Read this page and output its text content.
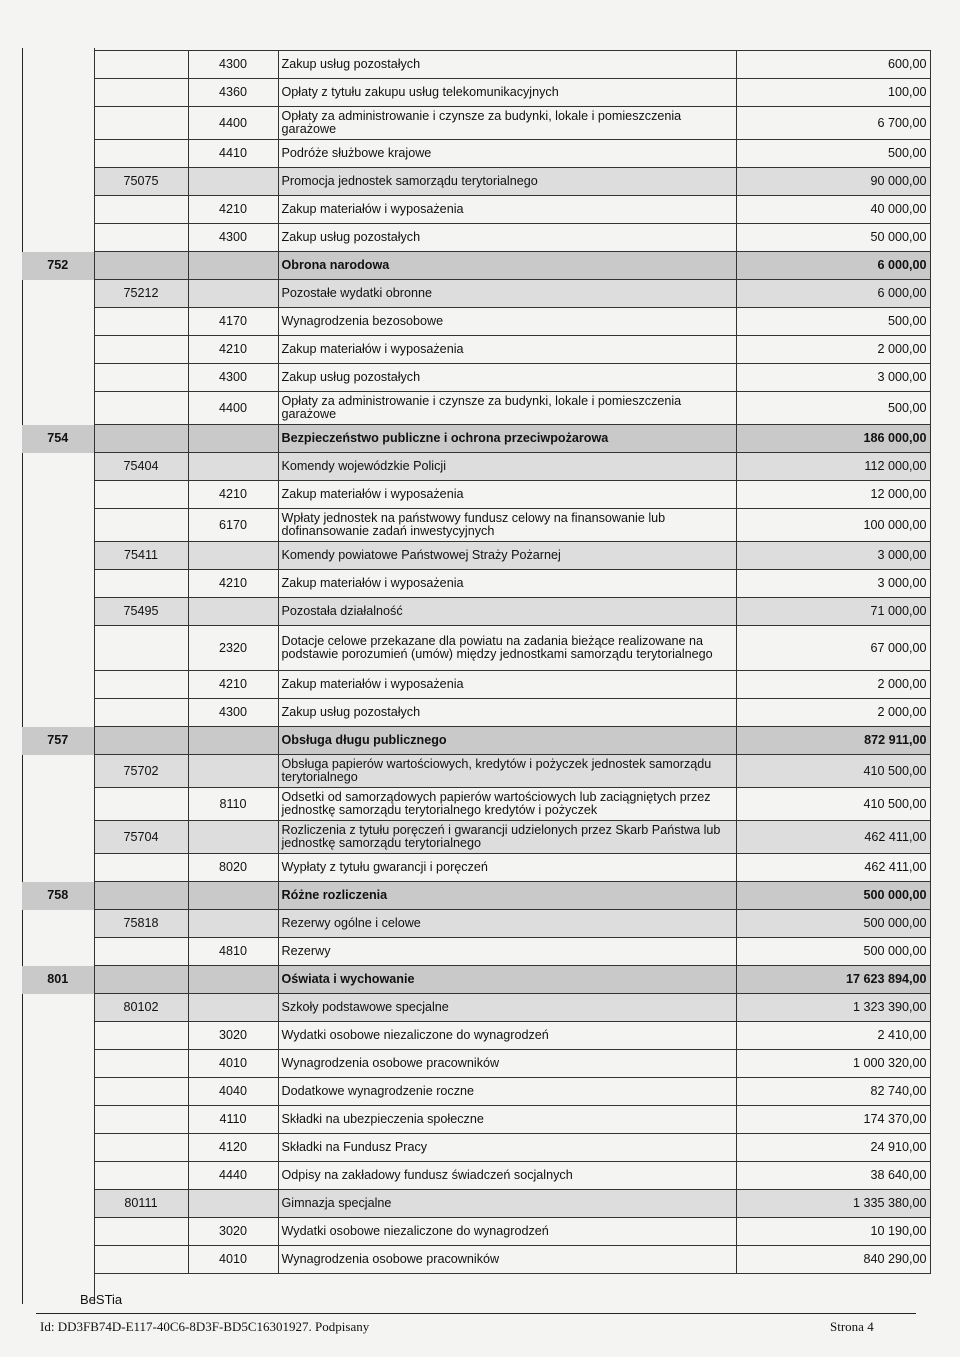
		4300	Zakup usług pozostałych	600,00
		4360	Opłaty z tytułu zakupu usług telekomunikacyjnych	100,00
		4400	Opłaty za administrowanie i czynsze za budynki, lokale i pomieszczenia garażowe	6 700,00
		4410	Podróże służbowe krajowe	500,00
	75075		Promocja jednostek samorządu terytorialnego	90 000,00
		4210	Zakup materiałów i wyposażenia	40 000,00
		4300	Zakup usług pozostałych	50 000,00
752			Obrona narodowa	6 000,00
	75212		Pozostałe wydatki obronne	6 000,00
		4170	Wynagrodzenia bezosobowe	500,00
		4210	Zakup materiałów i wyposażenia	2 000,00
		4300	Zakup usług pozostałych	3 000,00
		4400	Opłaty za administrowanie i czynsze za budynki, lokale i pomieszczenia garażowe	500,00
754			Bezpieczeństwo publiczne i ochrona przeciwpożarowa	186 000,00
	75404		Komendy wojewódzkie Policji	112 000,00
		4210	Zakup materiałów i wyposażenia	12 000,00
		6170	Wpłaty jednostek na państwowy fundusz celowy na finansowanie lub dofinansowanie zadań inwestycyjnych	100 000,00
	75411		Komendy powiatowe Państwowej Straży Pożarnej	3 000,00
		4210	Zakup materiałów i wyposażenia	3 000,00
	75495		Pozostała działalność	71 000,00
		2320	Dotacje celowe przekazane dla powiatu na zadania bieżące realizowane na podstawie porozumień (umów) między jednostkami samorządu terytorialnego	67 000,00
		4210	Zakup materiałów i wyposażenia	2 000,00
		4300	Zakup usług pozostałych	2 000,00
757			Obsługa długu publicznego	872 911,00
	75702		Obsługa papierów wartościowych, kredytów i pożyczek jednostek samorządu terytorialnego	410 500,00
		8110	Odsetki od samorządowych papierów wartościowych lub zaciągniętych przez jednostkę samorządu terytorialnego kredytów i pożyczek	410 500,00
	75704		Rozliczenia z tytułu poręczeń i gwarancji udzielonych przez Skarb Państwa lub jednostkę samorządu terytorialnego	462 411,00
		8020	Wypłaty z tytułu gwarancji i poręczeń	462 411,00
758			Różne rozliczenia	500 000,00
	75818		Rezerwy ogólne i celowe	500 000,00
		4810	Rezerwy	500 000,00
801			Oświata i wychowanie	17 623 894,00
	80102		Szkoły podstawowe specjalne	1 323 390,00
		3020	Wydatki osobowe niezaliczone do wynagrodzeń	2 410,00
		4010	Wynagrodzenia osobowe pracowników	1 000 320,00
		4040	Dodatkowe wynagrodzenie roczne	82 740,00
		4110	Składki na ubezpieczenia społeczne	174 370,00
		4120	Składki na Fundusz Pracy	24 910,00
		4440	Odpisy na zakładowy fundusz świadczeń socjalnych	38 640,00
	80111		Gimnazja specjalne	1 335 380,00
		3020	Wydatki osobowe niezaliczone do wynagrodzeń	10 190,00
		4010	Wynagrodzenia osobowe pracowników	840 290,00
BeSTia
Id: DD3FB74D-E117-40C6-8D3F-BD5C16301927. Podpisany	Strona 4
